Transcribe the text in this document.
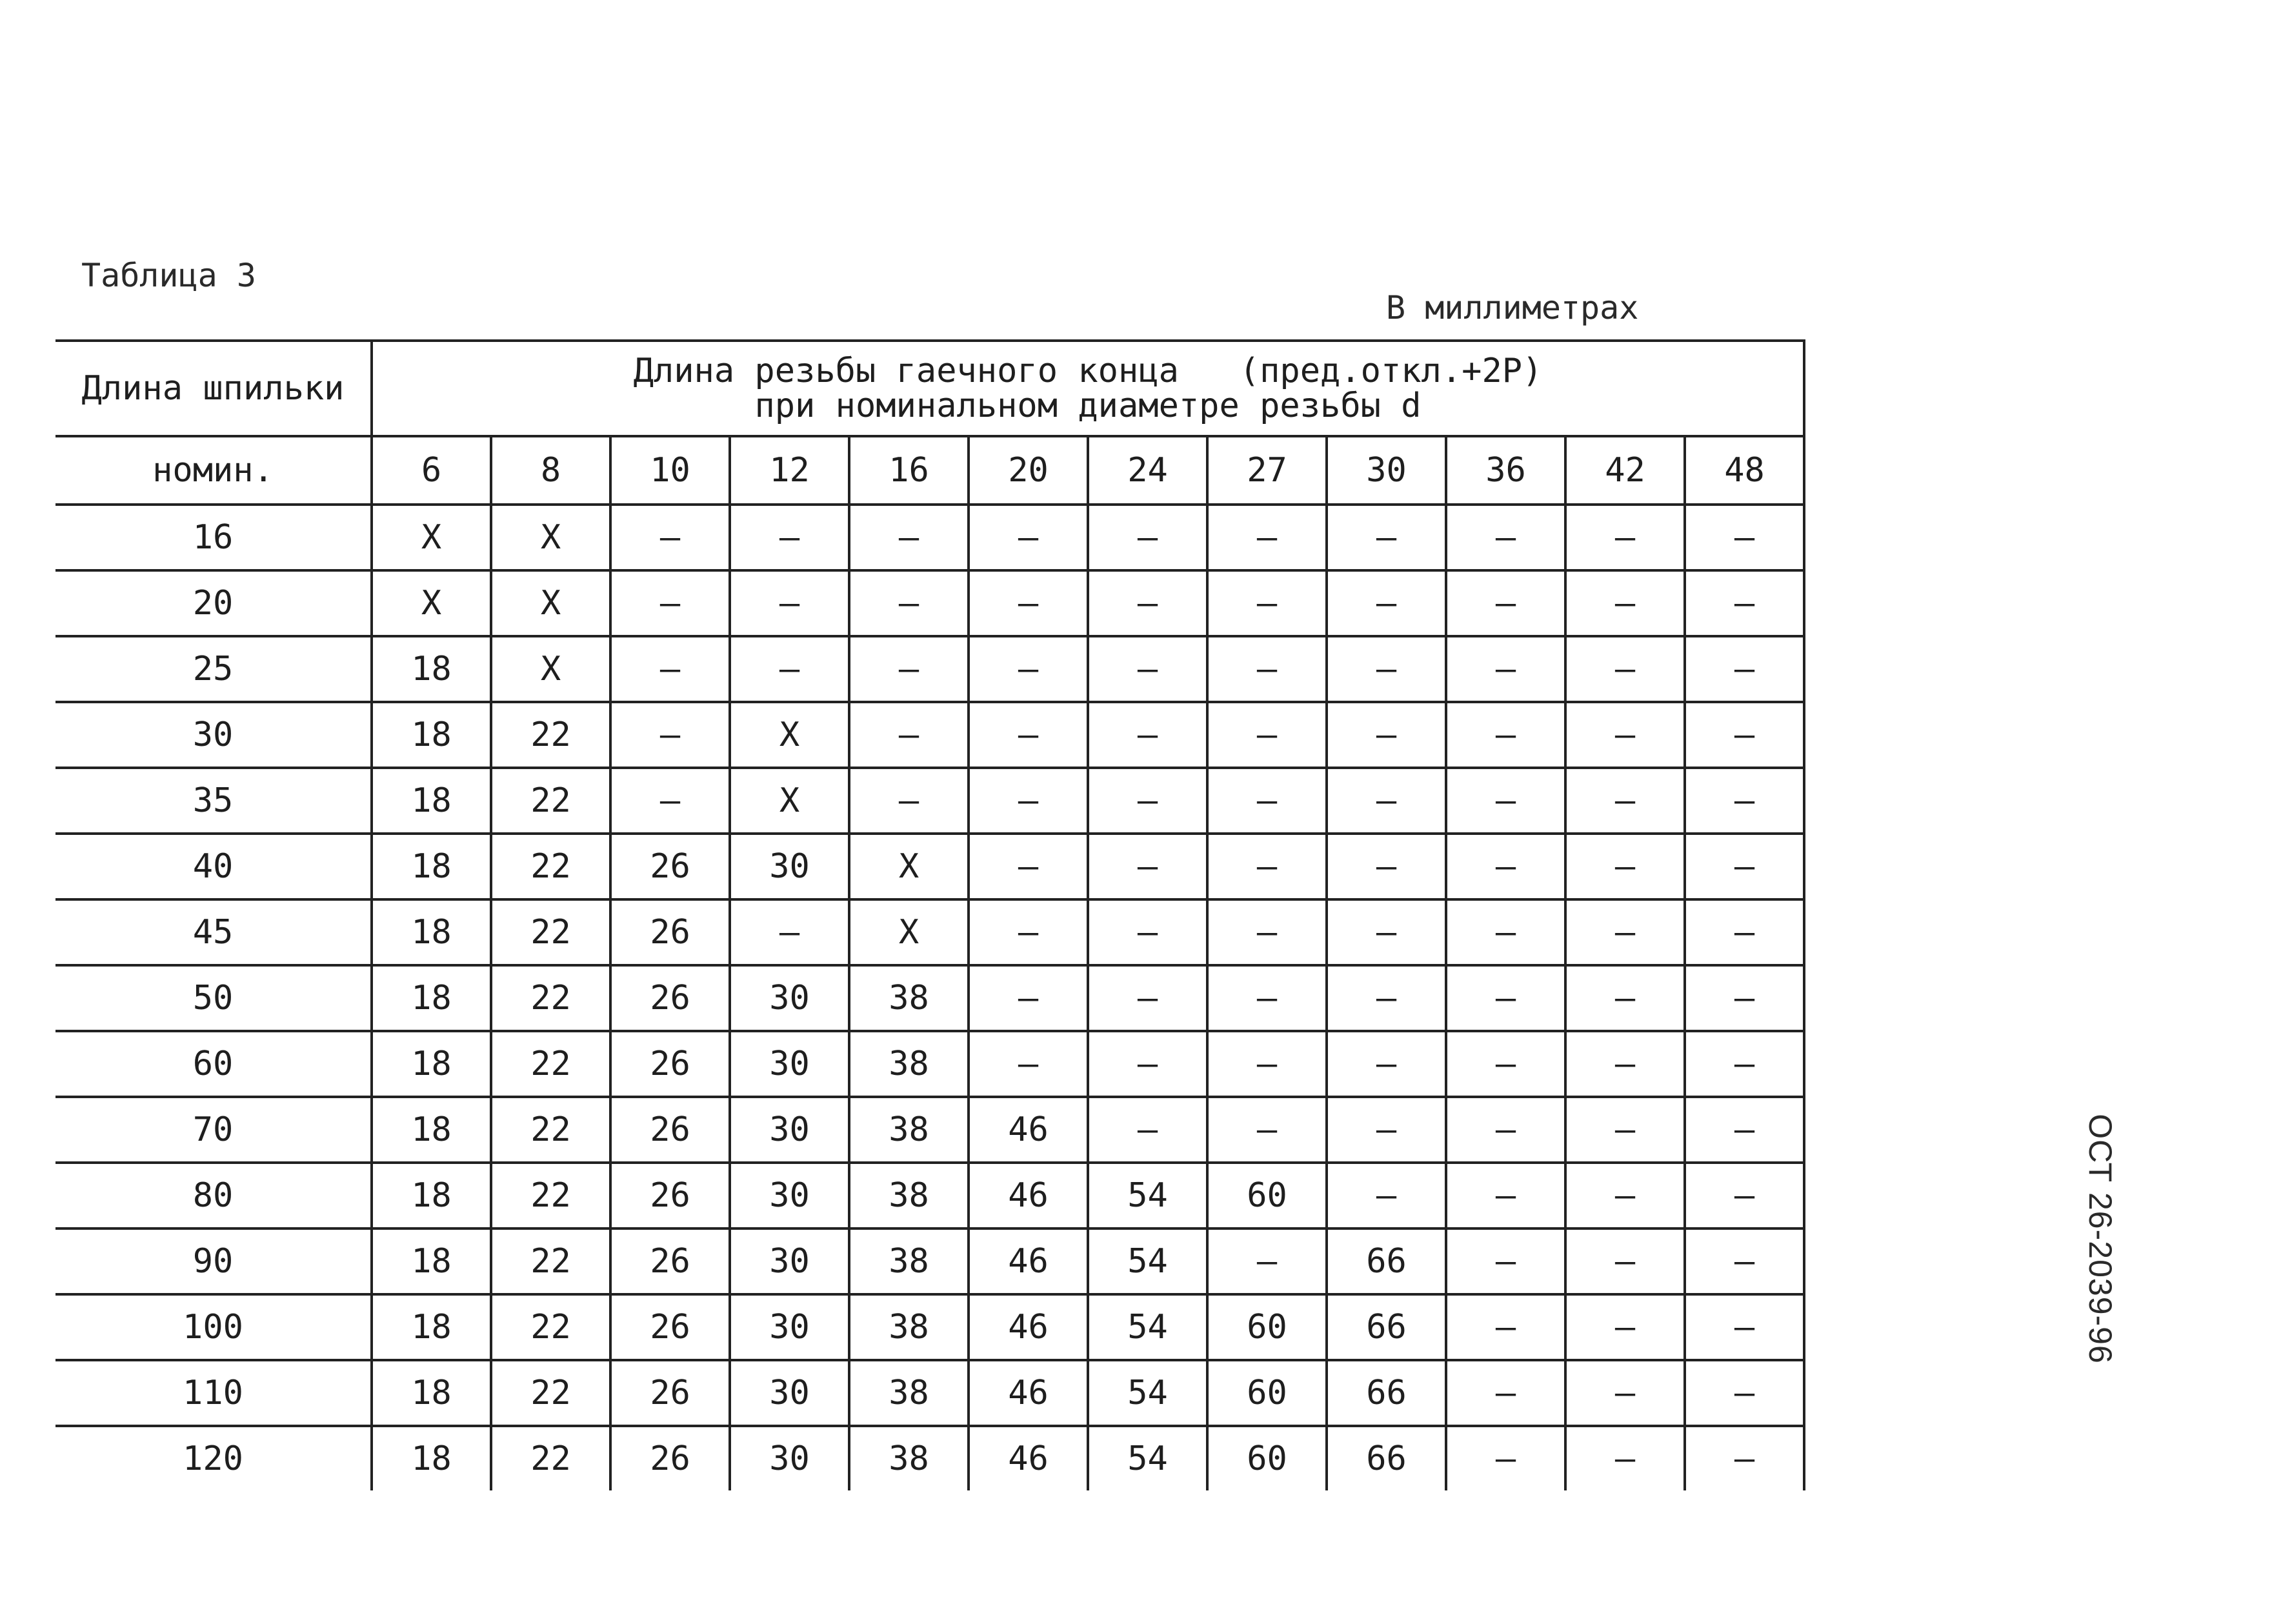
Таблица 3
В миллиметрах
ОСТ 26-2039-96
Длина шпильки	Длина резьбы гаечного конца   (пред.откл.+2P)
при номинальном диаметре резьбы d											

номин.	6	8	10	12	16	20	24	27	30	36	42	48
16	X	X	–	–	–	–	–	–	–	–	–	–
20	X	X	–	–	–	–	–	–	–	–	–	–
25	18	X	–	–	–	–	–	–	–	–	–	–
30	18	22	–	X	–	–	–	–	–	–	–	–
35	18	22	–	X	–	–	–	–	–	–	–	–
40	18	22	26	30	X	–	–	–	–	–	–	–
45	18	22	26	–	X	–	–	–	–	–	–	–
50	18	22	26	30	38	–	–	–	–	–	–	–
60	18	22	26	30	38	–	–	–	–	–	–	–
70	18	22	26	30	38	46	–	–	–	–	–	–
80	18	22	26	30	38	46	54	60	–	–	–	–
90	18	22	26	30	38	46	54	–	66	–	–	–
100	18	22	26	30	38	46	54	60	66	–	–	–
110	18	22	26	30	38	46	54	60	66	–	–	–
120	18	22	26	30	38	46	54	60	66	–	–	–
